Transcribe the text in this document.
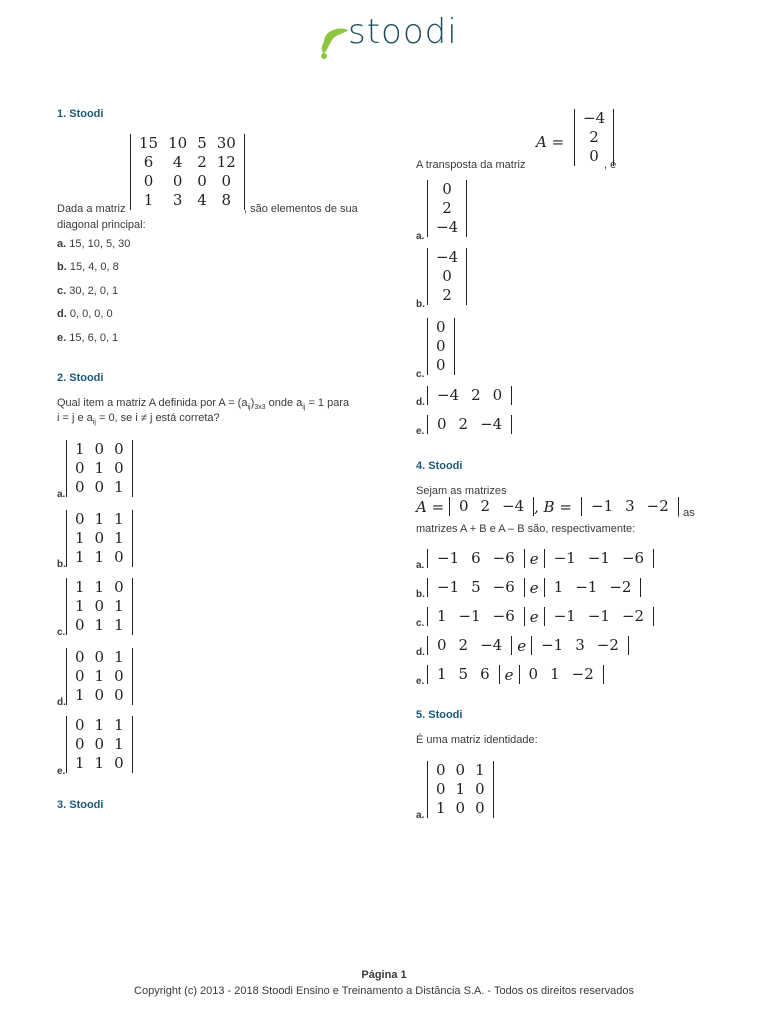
stoodi
1. Stoodi
Dada a matriz
15	10	5	30
6	4	2	12
0	0	0	0
1	3	4	8 , são elementos de sua
diagonal principal:
a. 15, 10, 5, 30
b. 15, 4, 0, 8
c. 30, 2, 0, 1
d. 0, 0, 0, 0
e. 15, 6, 0, 1
2. Stoodi
Qual item a matriz A definida por $A = (a_{ij})_{3x3}$ onde $a_{ij} = 1$ para
i = j e $a_{ij} = 0$, se i ≠ j está correta?
a.
1	0	0
0	1	0
0	0	1
b.
0	1	1
1	0	1
1	1	0
c.
1	1	0
1	0	1
0	1	1
d.
0	0	1
0	1	0
1	0	0
e.
0	1	1
0	0	1
1	1	0
3. Stoodi
A =
−4
2
0
A transposta da matriz	, é
a.
0
2
−4
b.
−4
0
2
c.
0
0
0
d. −4	2	0
e. 0	2	−4
4. Stoodi
Sejam as matrizes
A = 0	2	−4 , B = −1	3	−2 , as
matrizes A + B e A – B são, respectivamente:
a. −1	6	−6 e −1	−1	−6
b. −1	5	−6 e 1	−1	−2
c. 1	−1	−6 e −1	−1	−2
d. 0	2	−4 e −1	3	−2
e. 1	5	6 e 0	1	−2
5. Stoodi
É uma matriz identidade:
a.
0	0	1
0	1	0
1	0	0
Página 1
Copyright (c) 2013 - 2018 Stoodi Ensino e Treinamento a Distância S.A. - Todos os direitos reservados
